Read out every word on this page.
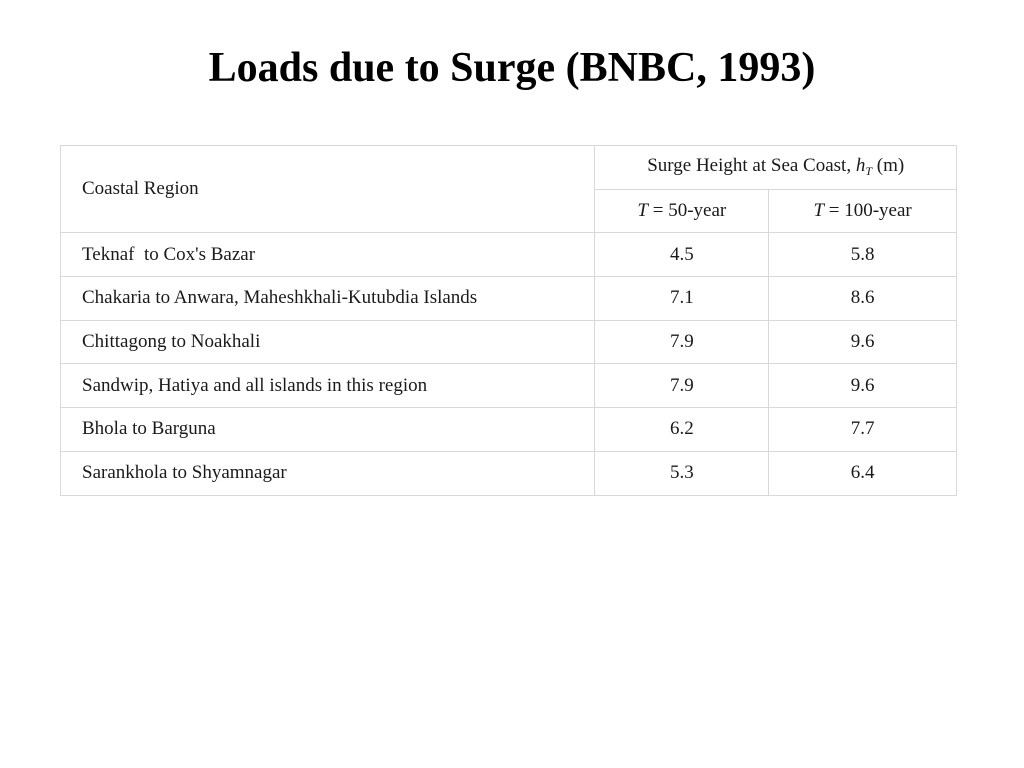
Loads due to Surge (BNBC, 1993)
Coastal Region	Surge Height at Sea Coast, $h_T$ (m)	
	T = 50-year	T = 100-year
Teknaf  to Cox's Bazar	4.5	5.8
Chakaria to Anwara, Maheshkhali-Kutubdia Islands	7.1	8.6
Chittagong to Noakhali	7.9	9.6
Sandwip, Hatiya and all islands in this region	7.9	9.6
Bhola to Barguna	6.2	7.7
Sarankhola to Shyamnagar	5.3	6.4
